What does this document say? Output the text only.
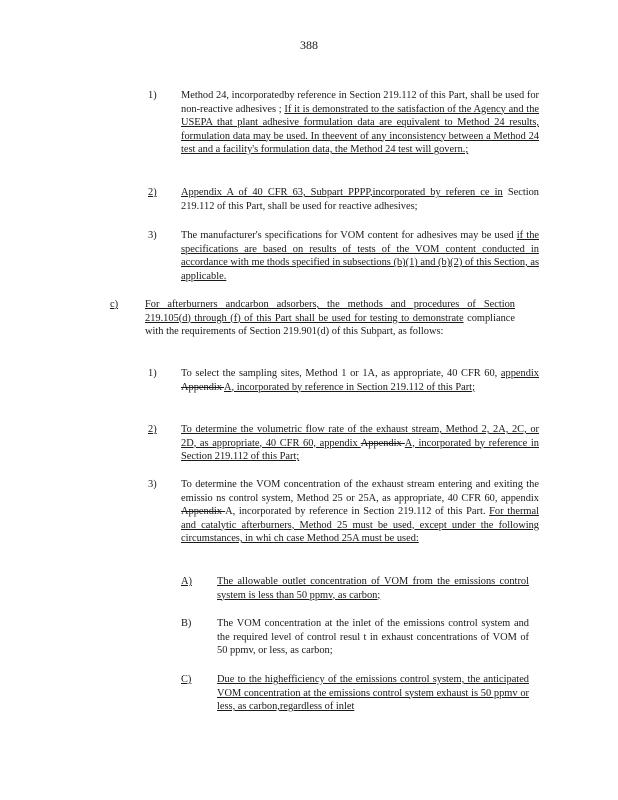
388
1) Method 24, incorporatedby reference in Section 219.112 of this Part, shall be used for non-reactive adhesives ; If it is demonstrated to the satisfaction of the Agency and the USEPA that plant adhesive formulation data are equivalent to Method 24 results, formulation data may be used. In theevent of any inconsistency between a Method 24 test and a facility's formulation data, the Method 24 test will govern.;
2) Appendix A of 40 CFR 63, Subpart PPPP,incorporated by referen ce in Section 219.112 of this Part, shall be used for reactive adhesives;
3) The manufacturer's specifications for VOM content for adhesives may be used if the specifications are based on results of tests of the VOM content conducted in accordance with me thods specified in subsections (b)(1) and (b)(2) of this Section, as applicable.
c)	For afterburners andcarbon adsorbers, the methods and procedures of Section 219.105(d) through (f) of this Part shall be used for testing to demonstrate compliance with the requirements of Section 219.901(d) of this Subpart, as follows:
1) To select the sampling sites, Method 1 or 1A, as appropriate, 40 CFR 60, appendix Appendix A, incorporated by reference in Section 219.112 of this Part;
2) To determine the volumetric flow rate of the exhaust stream, Method 2, 2A, 2C, or 2D, as appropriate, 40 CFR 60, appendix Appendix A, incorporated by reference in Section 219.112 of this Part;
3) To determine the VOM concentration of the exhaust stream entering and exiting the emissio ns control system, Method 25 or 25A, as appropriate, 40 CFR 60, appendix Appendix A, incorporated by reference in Section 219.112 of this Part. For thermal and catalytic afterburners, Method 25 must be used, except under the following circumstances, in whi ch case Method 25A must be used:
A) The allowable outlet concentration of VOM from the emissions control system is less than 50 ppmv, as carbon;
B) The VOM concentration at the inlet of the emissions control system and the required level of control resul t in exhaust concentrations of VOM of 50 ppmv, or less, as carbon;
C) Due to the highefficiency of the emissions control system, the anticipated VOM concentration at the emissions control system exhaust is 50 ppmv or less, as carbon,regardless of inlet
